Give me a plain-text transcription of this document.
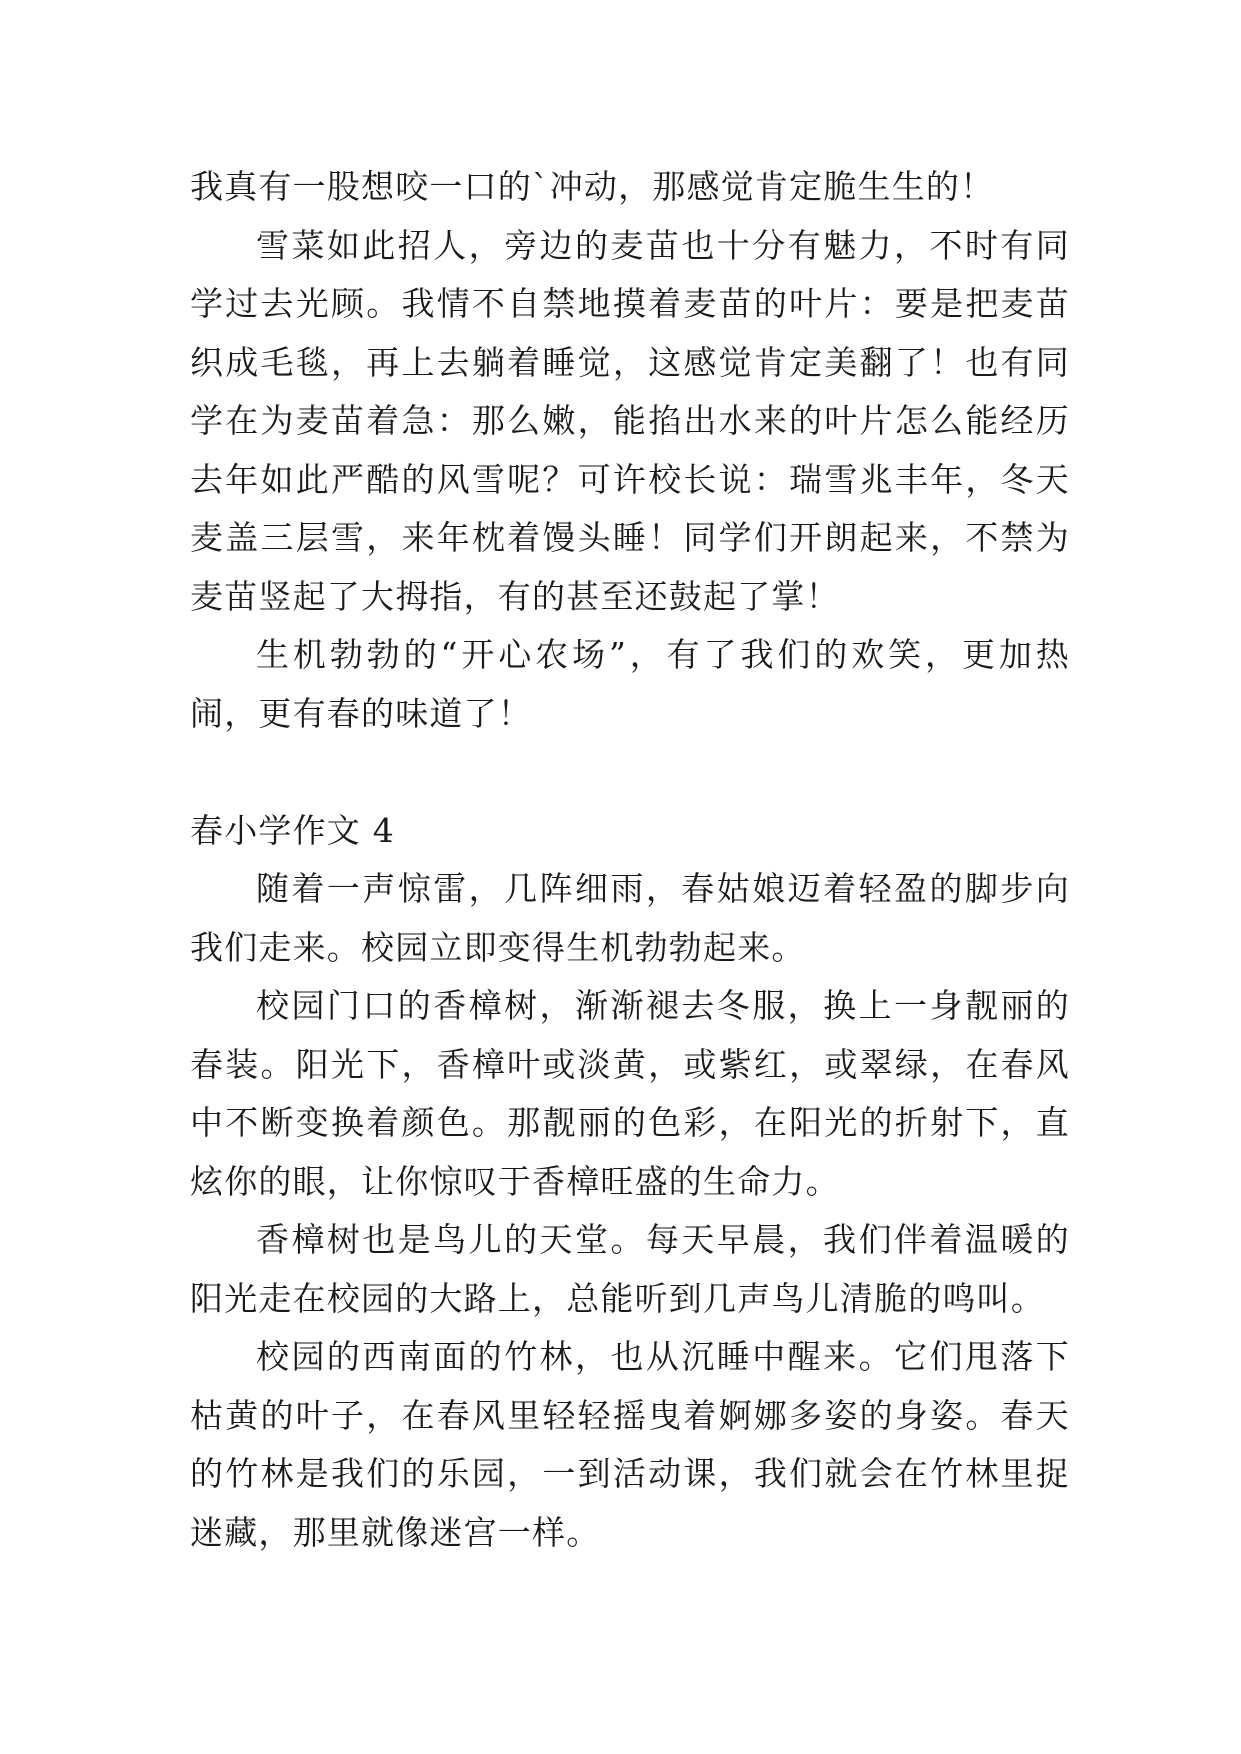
我真有一股想咬一口的`冲动，那感觉肯定脆生生的！

雪菜如此招人，旁边的麦苗也十分有魅力，不时有同学过去光顾。我情不自禁地摸着麦苗的叶片：要是把麦苗织成毛毯，再上去躺着睡觉，这感觉肯定美翻了！也有同学在为麦苗着急：那么嫩，能掐出水来的叶片怎么能经历去年如此严酷的风雪呢？可许校长说：瑞雪兆丰年，冬天麦盖三层雪，来年枕着馒头睡！同学们开朗起来，不禁为麦苗竖起了大拇指，有的甚至还鼓起了掌！

生机勃勃的“开心农场”，有了我们的欢笑，更加热闹，更有春的味道了！

春小学作文 4

随着一声惊雷，几阵细雨，春姑娘迈着轻盈的脚步向我们走来。校园立即变得生机勃勃起来。

校园门口的香樟树，渐渐褪去冬服，换上一身靓丽的春装。阳光下，香樟叶或淡黄，或紫红，或翠绿，在春风中不断变换着颜色。那靓丽的色彩，在阳光的折射下，直炫你的眼，让你惊叹于香樟旺盛的生命力。

香樟树也是鸟儿的天堂。每天早晨，我们伴着温暖的阳光走在校园的大路上，总能听到几声鸟儿清脆的鸣叫。

校园的西南面的竹林，也从沉睡中醒来。它们甩落下枯黄的叶子，在春风里轻轻摇曳着婀娜多姿的身姿。春天的竹林是我们的乐园，一到活动课，我们就会在竹林里捉迷藏，那里就像迷宫一样。
